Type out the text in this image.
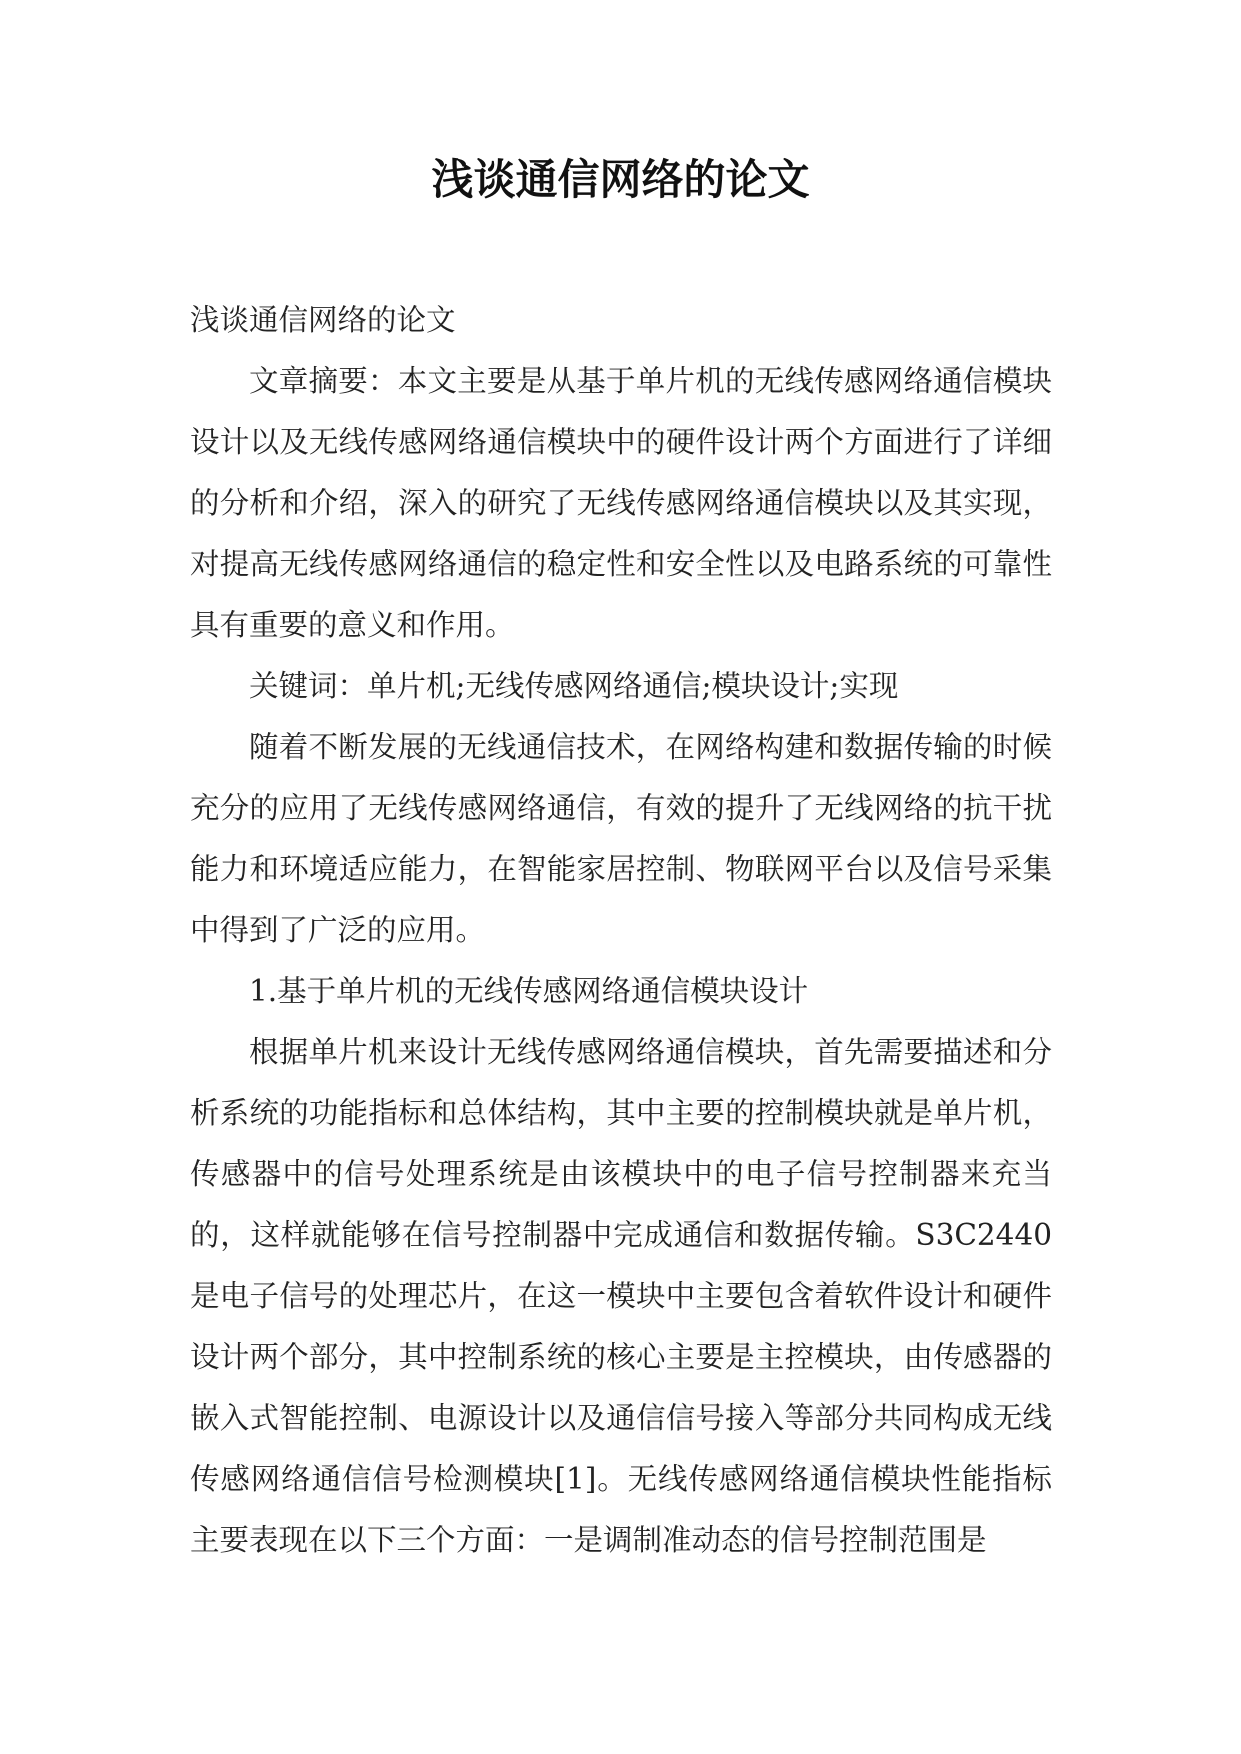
浅谈通信网络的论文

浅谈通信网络的论文

文章摘要：本文主要是从基于单片机的无线传感网络通信模块设计以及无线传感网络通信模块中的硬件设计两个方面进行了详细的分析和介绍，深入的研究了无线传感网络通信模块以及其实现，对提高无线传感网络通信的稳定性和安全性以及电路系统的可靠性具有重要的意义和作用。

关键词：单片机;无线传感网络通信;模块设计;实现

随着不断发展的无线通信技术，在网络构建和数据传输的时候充分的应用了无线传感网络通信，有效的提升了无线网络的抗干扰能力和环境适应能力，在智能家居控制、物联网平台以及信号采集中得到了广泛的应用。

1.基于单片机的无线传感网络通信模块设计

根据单片机来设计无线传感网络通信模块，首先需要描述和分析系统的功能指标和总体结构，其中主要的控制模块就是单片机，传感器中的信号处理系统是由该模块中的电子信号控制器来充当的，这样就能够在信号控制器中完成通信和数据传输。S3C2440 是电子信号的处理芯片，在这一模块中主要包含着软件设计和硬件设计两个部分，其中控制系统的核心主要是主控模块，由传感器的嵌入式智能控制、电源设计以及通信信号接入等部分共同构成无线传感网络通信信号检测模块[1]。无线传感网络通信模块性能指标主要表现在以下三个方面：一是调制准动态的信号控制范围是
